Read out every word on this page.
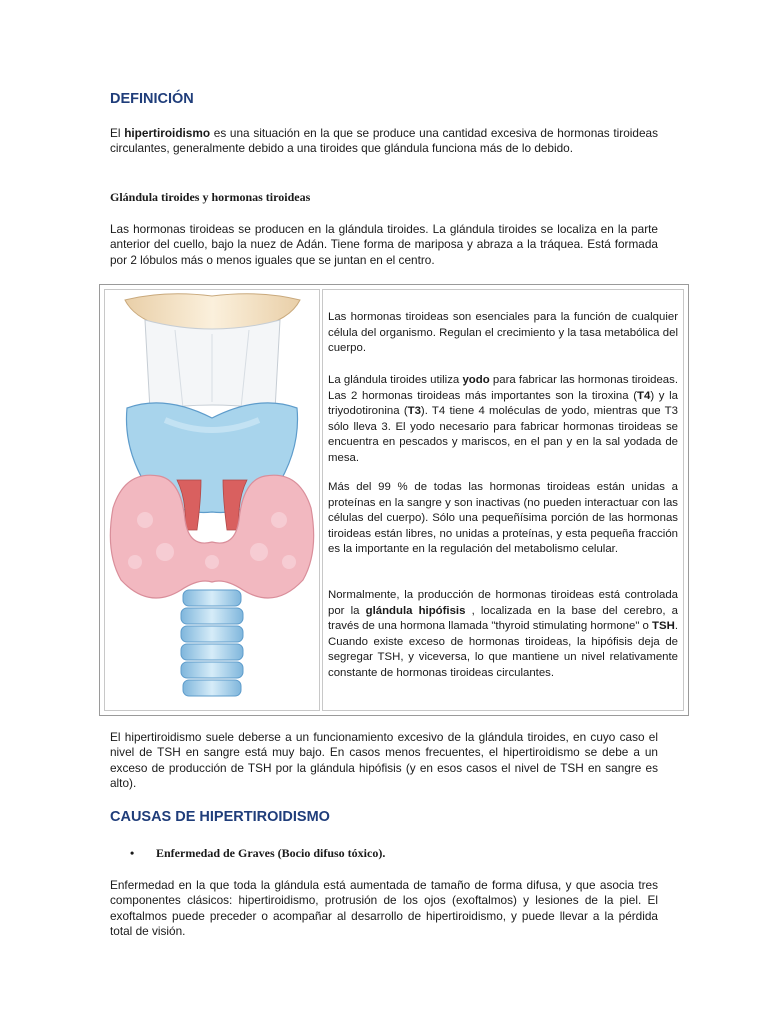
DEFINICIÓN

El hipertiroidismo es una situación en la que se produce una cantidad excesiva de hormonas tiroideas circulantes, generalmente debido a una tiroides que glándula funciona más de lo debido.

Glándula tiroides y hormonas tiroideas

Las hormonas tiroideas se producen en la glándula tiroides. La glándula tiroides se localiza en la parte anterior del cuello, bajo la nuez de Adán. Tiene forma de mariposa y abraza a la tráquea. Está formada por 2 lóbulos más o menos iguales que se juntan en el centro.

Las hormonas tiroideas son esenciales para la función de cualquier célula del organismo. Regulan el crecimiento y la tasa metabólica del cuerpo.

La glándula tiroides utiliza yodo para fabricar las hormonas tiroideas. Las 2 hormonas tiroideas más importantes son la tiroxina (T4) y la triyodotironina (T3). T4 tiene 4 moléculas de yodo, mientras que T3 sólo lleva 3. El yodo necesario para fabricar hormonas tiroideas se encuentra en pescados y mariscos, en el pan y en la sal yodada de mesa.

Más del 99 % de todas las hormonas tiroideas están unidas a proteínas en la sangre y son inactivas (no pueden interactuar con las células del cuerpo). Sólo una pequeñísima porción de las hormonas tiroideas están libres, no unidas a proteínas, y esta pequeña fracción es la importante en la regulación del metabolismo celular.

Normalmente, la producción de hormonas tiroideas está controlada por la glándula hipófisis , localizada en la base del cerebro, a través de una hormona llamada "thyroid stimulating hormone" o TSH. Cuando existe exceso de hormonas tiroideas, la hipófisis deja de segregar TSH, y viceversa, lo que mantiene un nivel relativamente constante de hormonas tiroideas circulantes.

El hipertiroidismo suele deberse a un funcionamiento excesivo de la glándula tiroides, en cuyo caso el nivel de TSH en sangre está muy bajo. En casos menos frecuentes, el hipertiroidismo se debe a un exceso de producción de TSH por la glándula hipófisis (y en esos casos el nivel de TSH en sangre es alto).

CAUSAS DE HIPERTIROIDISMO
• Enfermedad de Graves (Bocio difuso tóxico).

Enfermedad en la que toda la glándula está aumentada de tamaño de forma difusa, y que asocia tres componentes clásicos: hipertiroidismo, protrusión de los ojos (exoftalmos) y lesiones de la piel. El exoftalmos puede preceder o acompañar al desarrollo de hipertiroidismo, y puede llevar a la pérdida total de visión.
